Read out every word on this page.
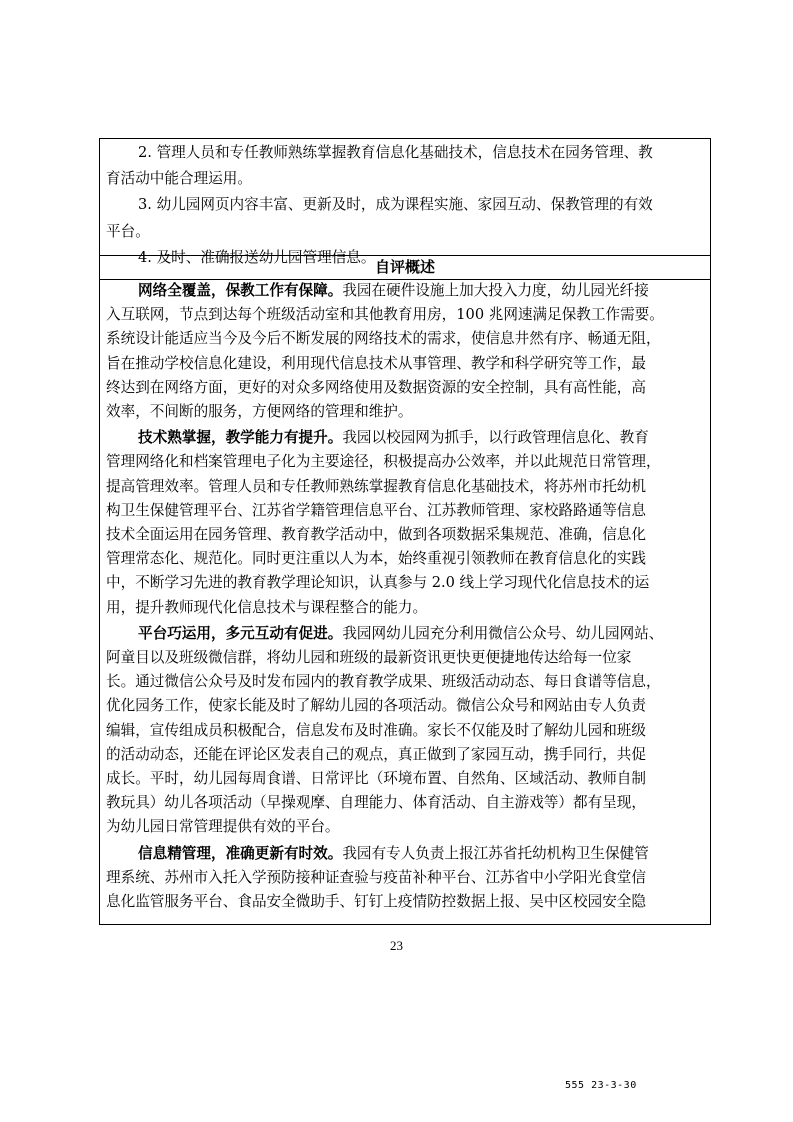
2. 管理人员和专任教师熟练掌握教育信息化基础技术，信息技术在园务管理、教

育活动中能合理运用。

3. 幼儿园网页内容丰富、更新及时，成为课程实施、家园互动、保教管理的有效

平台。

4. 及时、准确报送幼儿园管理信息。

自评概述

网络全覆盖，保教工作有保障。我园在硬件设施上加大投入力度，幼儿园光纤接

入互联网，节点到达每个班级活动室和其他教育用房，100 兆网速满足保教工作需要。

系统设计能适应当今及今后不断发展的网络技术的需求，使信息井然有序、畅通无阻，

旨在推动学校信息化建设，利用现代信息技术从事管理、教学和科学研究等工作，最

终达到在网络方面，更好的对众多网络使用及数据资源的安全控制，具有高性能，高

效率，不间断的服务，方便网络的管理和维护。

技术熟掌握，教学能力有提升。我园以校园网为抓手，以行政管理信息化、教育

管理网络化和档案管理电子化为主要途径，积极提高办公效率，并以此规范日常管理，

提高管理效率。管理人员和专任教师熟练掌握教育信息化基础技术，将苏州市托幼机

构卫生保健管理平台、江苏省学籍管理信息平台、江苏教师管理、家校路路通等信息

技术全面运用在园务管理、教育教学活动中，做到各项数据采集规范、准确，信息化

管理常态化、规范化。同时更注重以人为本，始终重视引领教师在教育信息化的实践

中，不断学习先进的教育教学理论知识，认真参与 2.0 线上学习现代化信息技术的运

用，提升教师现代化信息技术与课程整合的能力。

平台巧运用，多元互动有促进。我园网幼儿园充分利用微信公众号、幼儿园网站、

阿童目以及班级微信群，将幼儿园和班级的最新资讯更快更便捷地传达给每一位家

长。通过微信公众号及时发布园内的教育教学成果、班级活动动态、每日食谱等信息，

优化园务工作，使家长能及时了解幼儿园的各项活动。微信公众号和网站由专人负责

编辑，宣传组成员积极配合，信息发布及时准确。家长不仅能及时了解幼儿园和班级

的活动动态，还能在评论区发表自己的观点，真正做到了家园互动，携手同行，共促

成长。平时，幼儿园每周食谱、日常评比（环境布置、自然角、区域活动、教师自制

教玩具）幼儿各项活动（早操观摩、自理能力、体育活动、自主游戏等）都有呈现，

为幼儿园日常管理提供有效的平台。

信息精管理，准确更新有时效。我园有专人负责上报江苏省托幼机构卫生保健管

理系统、苏州市入托入学预防接种证查验与疫苗补种平台、江苏省中小学阳光食堂信

息化监管服务平台、食品安全微助手、钉钉上疫情防控数据上报、吴中区校园安全隐

23
555 23-3-30
